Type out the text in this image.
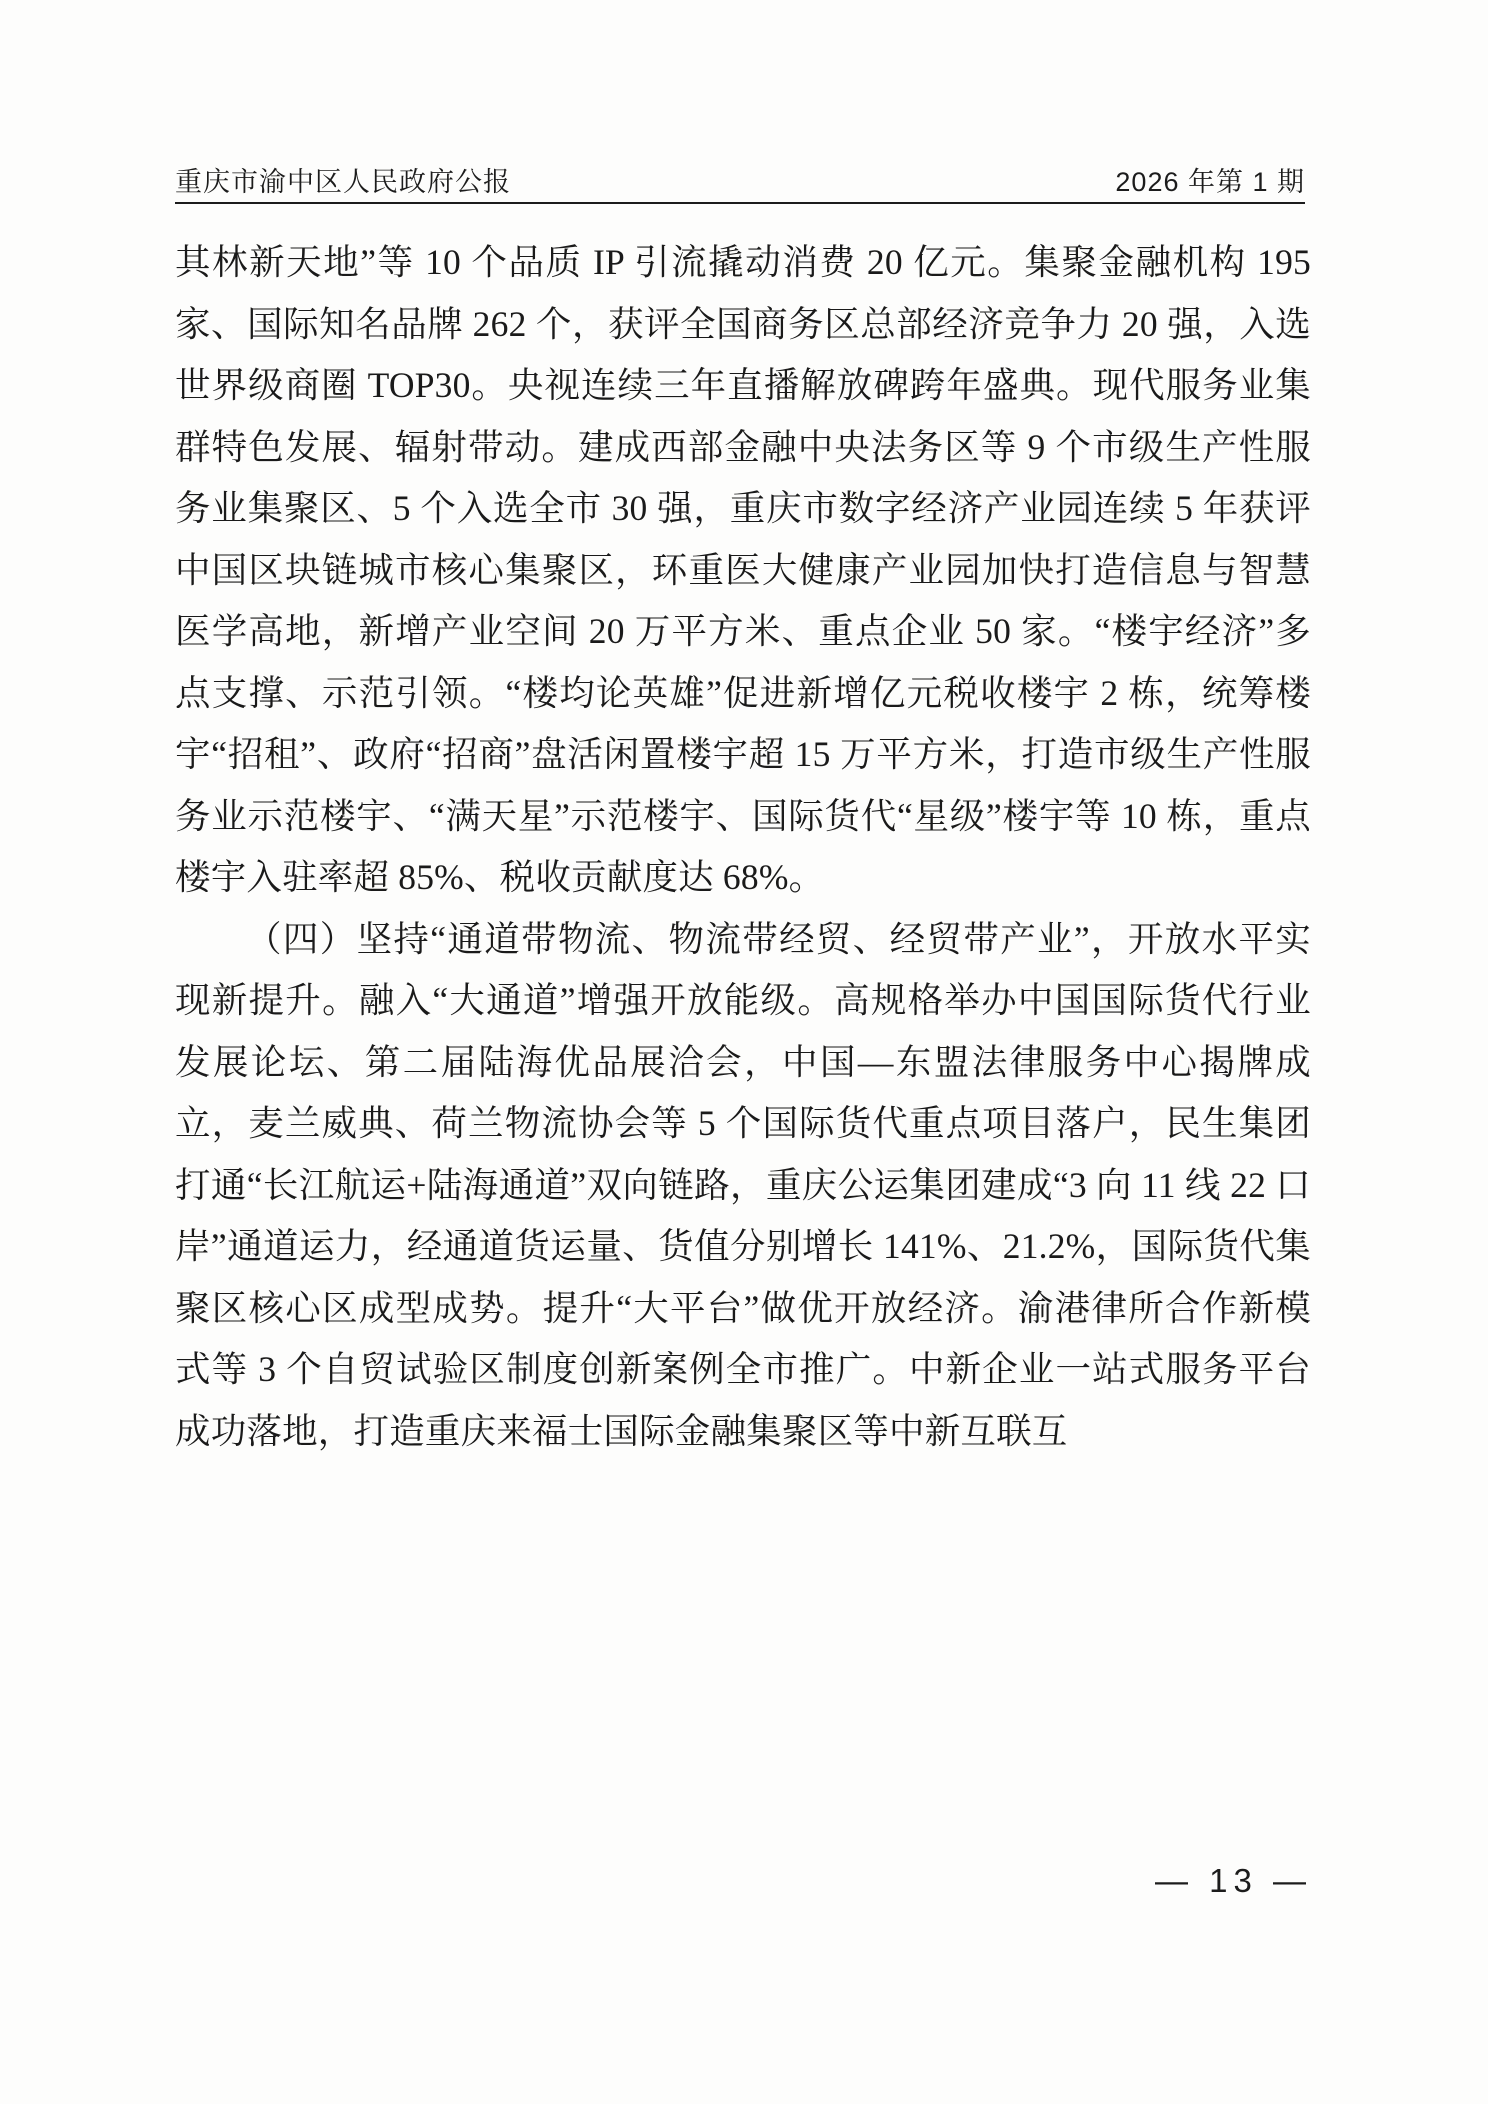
重庆市渝中区人民政府公报	2026 年第 1 期

其林新天地”等 10 个品质 IP 引流撬动消费 20 亿元。集聚金融机构 195 家、国际知名品牌 262 个，获评全国商务区总部经济竞争力 20 强，入选世界级商圈 TOP30。央视连续三年直播解放碑跨年盛典。现代服务业集群特色发展、辐射带动。建成西部金融中央法务区等 9 个市级生产性服务业集聚区、5 个入选全市 30 强，重庆市数字经济产业园连续 5 年获评中国区块链城市核心集聚区，环重医大健康产业园加快打造信息与智慧医学高地，新增产业空间 20 万平方米、重点企业 50 家。“楼宇经济”多点支撑、示范引领。“楼均论英雄”促进新增亿元税收楼宇 2 栋，统筹楼宇“招租”、政府“招商”盘活闲置楼宇超 15 万平方米，打造市级生产性服务业示范楼宇、“满天星”示范楼宇、国际货代“星级”楼宇等 10 栋，重点楼宇入驻率超 85%、税收贡献度达 68%。

（四）坚持“通道带物流、物流带经贸、经贸带产业”，开放水平实现新提升。融入“大通道”增强开放能级。高规格举办中国国际货代行业发展论坛、第二届陆海优品展洽会，中国—东盟法律服务中心揭牌成立，麦兰威典、荷兰物流协会等 5 个国际货代重点项目落户，民生集团打通“长江航运+陆海通道”双向链路，重庆公运集团建成“3 向 11 线 22 口岸”通道运力，经通道货运量、货值分别增长 141%、21.2%，国际货代集聚区核心区成型成势。提升“大平台”做优开放经济。渝港律所合作新模式等 3 个自贸试验区制度创新案例全市推广。中新企业一站式服务平台成功落地，打造重庆来福士国际金融集聚区等中新互联互

— 13 —
